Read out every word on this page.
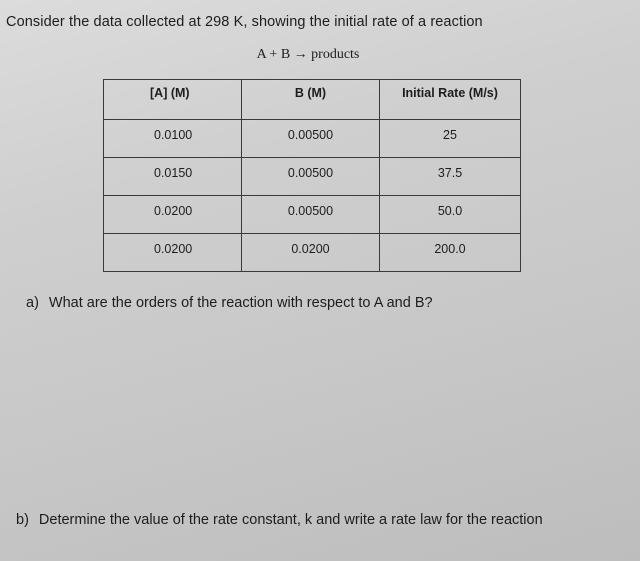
Consider the data collected at 298 K, showing the initial rate of a reaction
A + B → products
[A] (M)	B (M)	Initial Rate (M/s)
0.0100	0.00500	25
0.0150	0.00500	37.5
0.0200	0.00500	50.0
0.0200	0.0200	200.0
a) What are the orders of the reaction with respect to A and B?
b) Determine the value of the rate constant, k and write a rate law for the reaction
